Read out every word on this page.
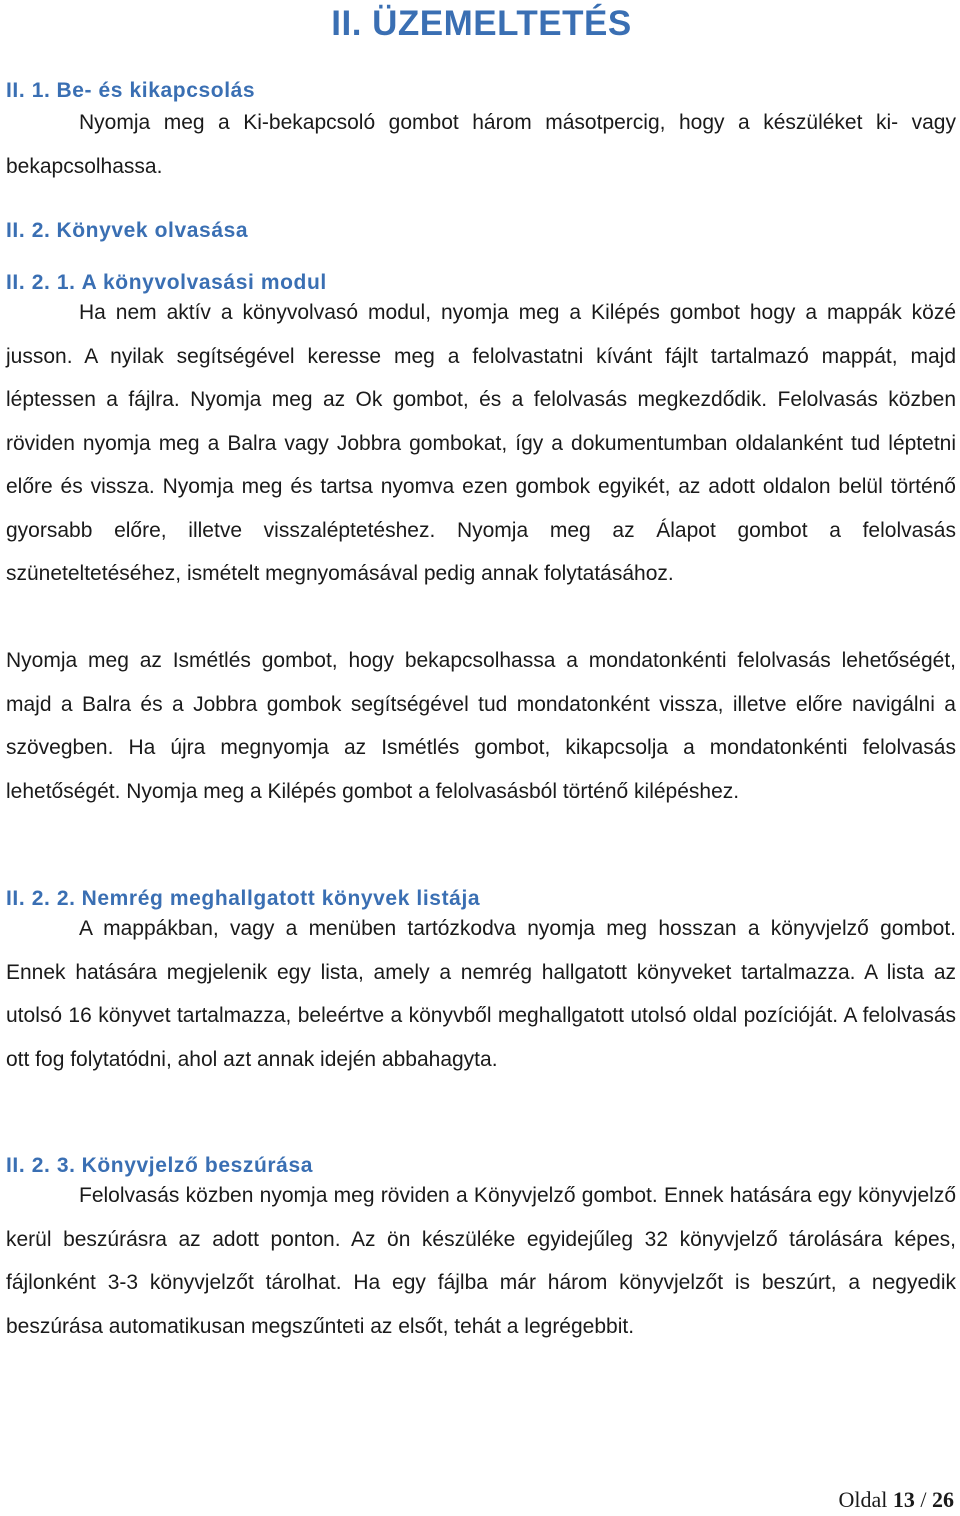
II. ÜZEMELTETÉS
II. 1. Be- és kikapcsolás
Nyomja meg a Ki-bekapcsoló gombot három másotpercig, hogy a készüléket ki- vagy bekapcsolhassa.
II. 2. Könyvek olvasása
II. 2. 1. A könyvolvasási modul
Ha nem aktív a könyvolvasó modul, nyomja meg a Kilépés gombot hogy a mappák közé jusson. A nyilak segítségével keresse meg a felolvastatni kívánt fájlt tartalmazó mappát, majd léptessen a fájlra. Nyomja meg az Ok gombot, és a felolvasás megkezdődik. Felolvasás közben röviden nyomja meg a Balra vagy Jobbra gombokat, így a dokumentumban oldalanként tud léptetni előre és vissza. Nyomja meg és tartsa nyomva ezen gombok egyikét, az adott oldalon belül történő gyorsabb előre, illetve visszaléptetéshez. Nyomja meg az Álapot gombot a felolvasás szüneteltetéséhez, ismételt megnyomásával pedig annak folytatásához.
Nyomja meg az Ismétlés gombot, hogy bekapcsolhassa a mondatonkénti felolvasás lehetőségét, majd a Balra és a Jobbra gombok segítségével tud mondatonként vissza, illetve előre navigálni a szövegben. Ha újra megnyomja az Ismétlés gombot, kikapcsolja a mondatonkénti felolvasás lehetőségét. Nyomja meg a Kilépés gombot a felolvasásból történő kilépéshez.
II. 2. 2. Nemrég meghallgatott könyvek listája
A mappákban, vagy a menüben tartózkodva nyomja meg hosszan a könyvjelző gombot. Ennek hatására megjelenik egy lista, amely a nemrég hallgatott könyveket tartalmazza. A lista az utolsó 16 könyvet tartalmazza, beleértve a könyvből meghallgatott utolsó oldal pozícióját. A felolvasás ott fog folytatódni, ahol azt annak idején abbahagyta.
II. 2. 3. Könyvjelző beszúrása
Felolvasás közben nyomja meg röviden a Könyvjelző gombot. Ennek hatására egy könyvjelző kerül beszúrásra az adott ponton. Az ön készüléke egyidejűleg 32 könyvjelző tárolására képes, fájlonként 3-3 könyvjelzőt tárolhat. Ha egy fájlba már három könyvjelzőt is beszúrt, a negyedik beszúrása automatikusan megszűnteti az elsőt, tehát a legrégebbit.
Oldal 13 / 26
